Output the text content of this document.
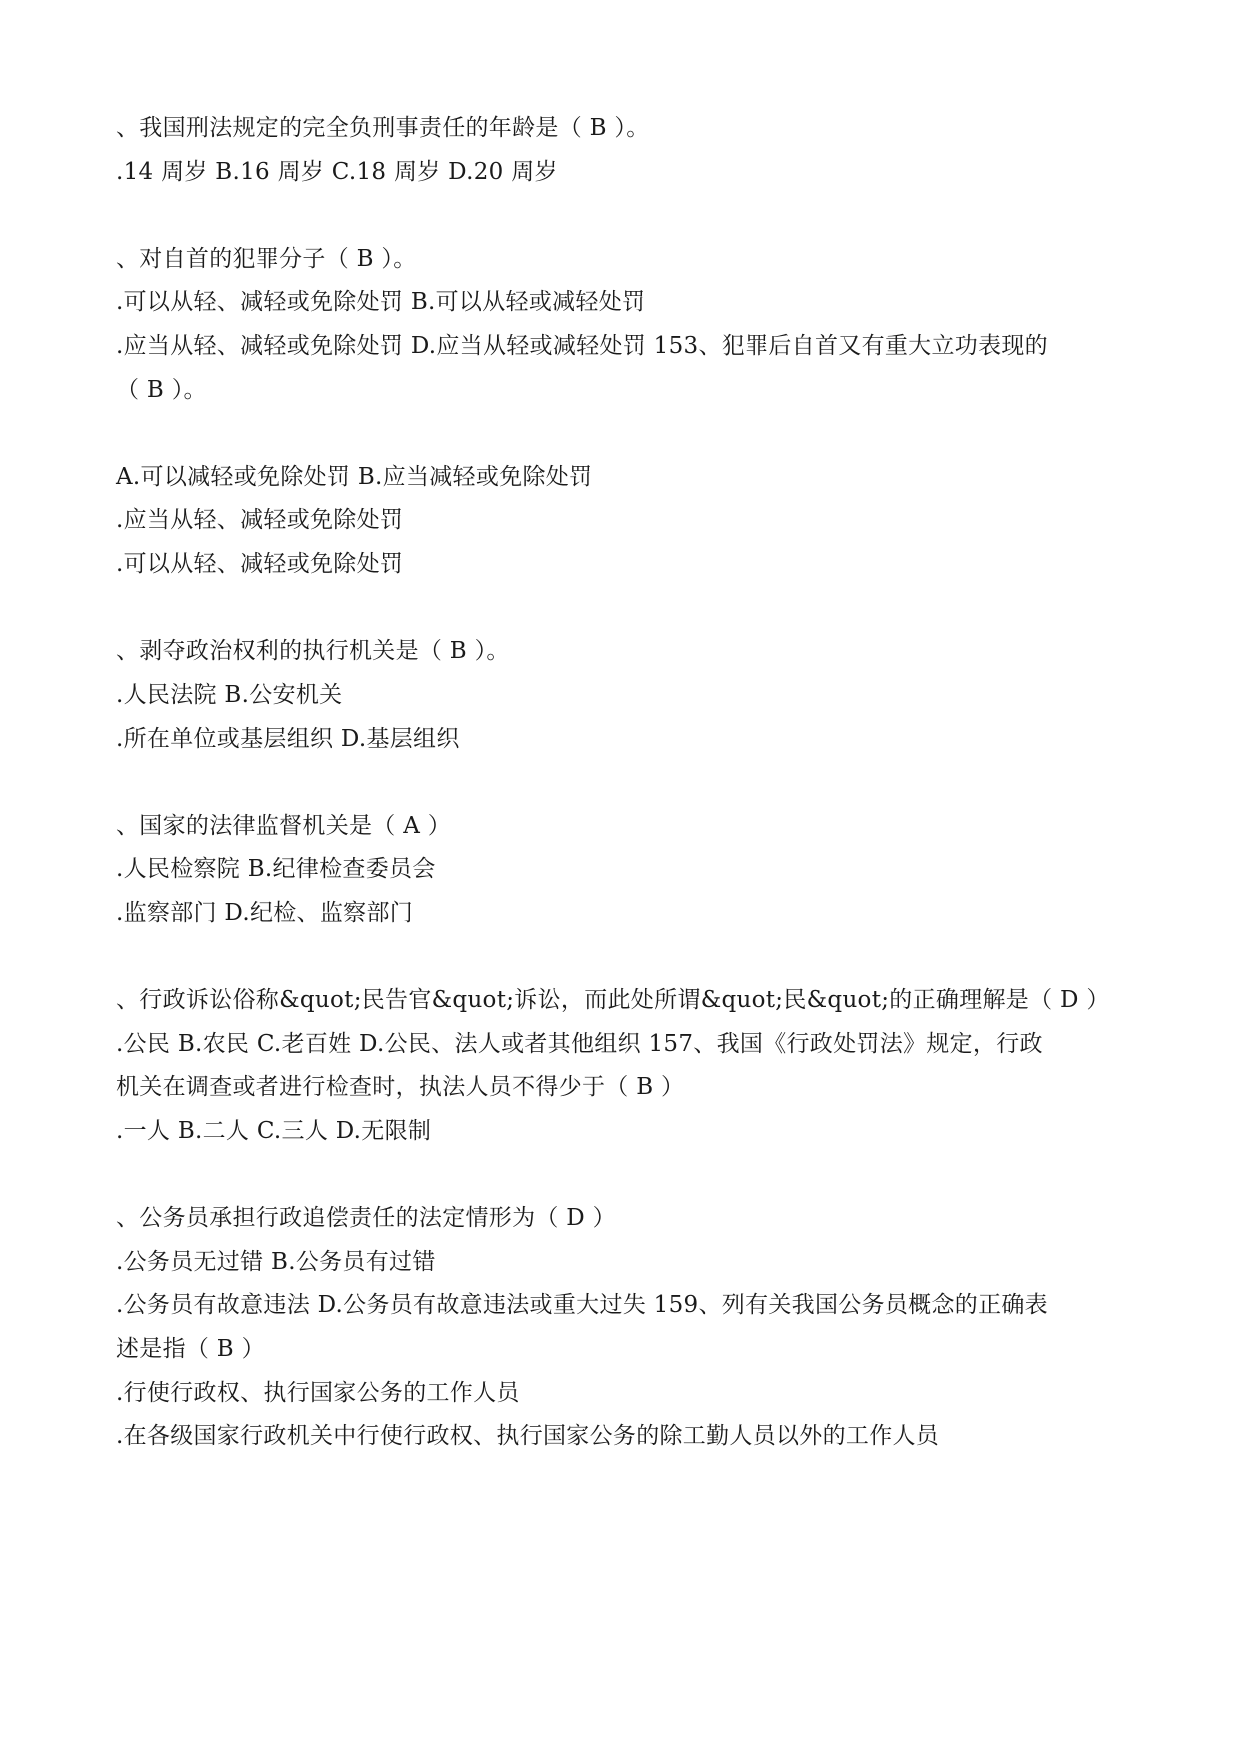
、我国刑法规定的完全负刑事责任的年龄是（ B ）。

.14 周岁 B.16 周岁 C.18 周岁 D.20 周岁

、对自首的犯罪分子（ B ）。

.可以从轻、减轻或免除处罚 B.可以从轻或减轻处罚

.应当从轻、减轻或免除处罚 D.应当从轻或减轻处罚 153、犯罪后自首又有重大立功表现的

（ B ）。

A.可以减轻或免除处罚 B.应当减轻或免除处罚

.应当从轻、减轻或免除处罚

.可以从轻、减轻或免除处罚

、剥夺政治权利的执行机关是（ B ）。

.人民法院 B.公安机关

.所在单位或基层组织 D.基层组织

、国家的法律监督机关是（ A ）

.人民检察院 B.纪律检查委员会

.监察部门 D.纪检、监察部门

、行政诉讼俗称&quot;民告官&quot;诉讼，而此处所谓&quot;民&quot;的正确理解是（ D ）

.公民 B.农民 C.老百姓 D.公民、法人或者其他组织 157、我国《行政处罚法》规定，行政

机关在调查或者进行检查时，执法人员不得少于（ B ）

.一人 B.二人 C.三人 D.无限制

、公务员承担行政追偿责任的法定情形为（ D ）

.公务员无过错 B.公务员有过错

.公务员有故意违法 D.公务员有故意违法或重大过失 159、列有关我国公务员概念的正确表

述是指（ B ）

.行使行政权、执行国家公务的工作人员

.在各级国家行政机关中行使行政权、执行国家公务的除工勤人员以外的工作人员
